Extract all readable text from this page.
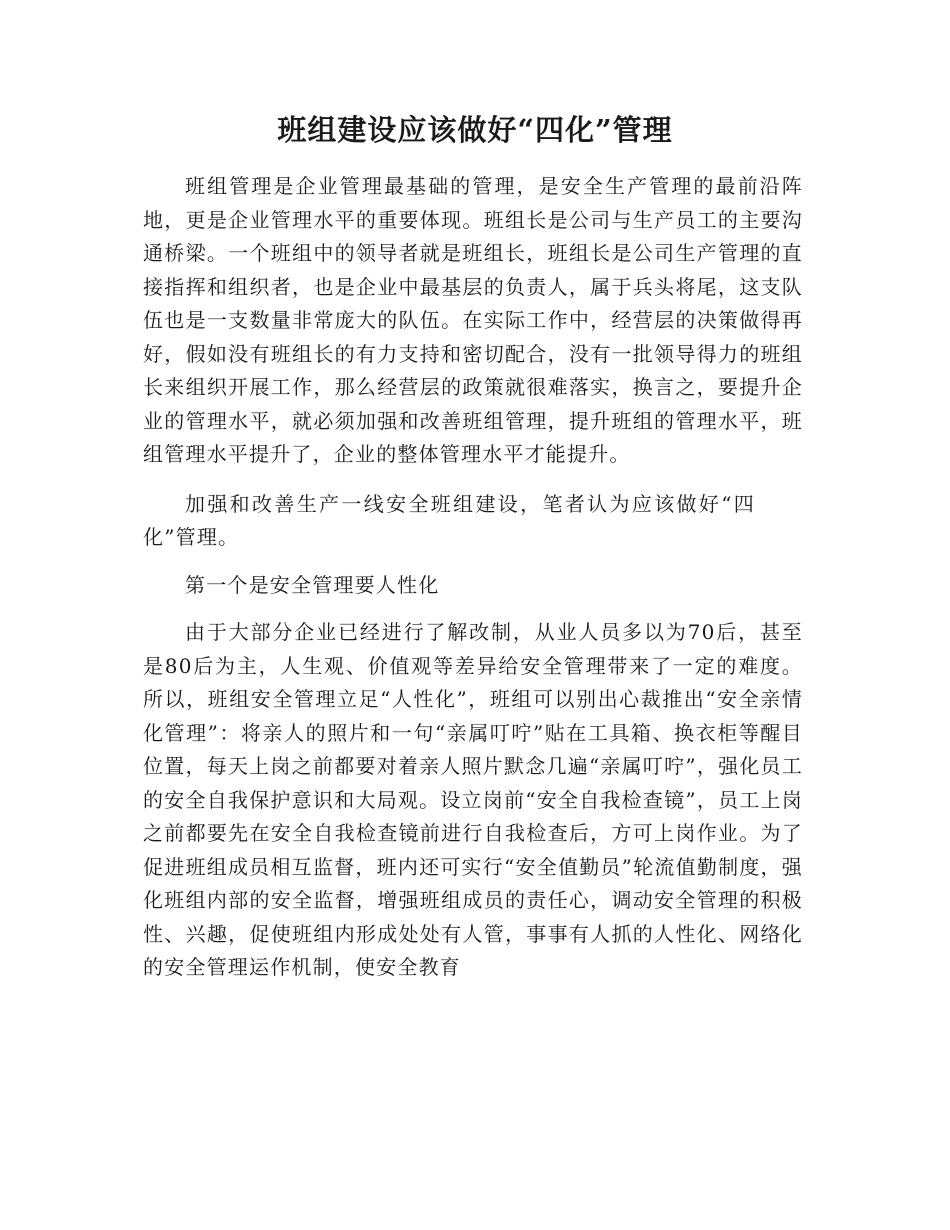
班组建设应该做好“四化”管理

班组管理是企业管理最基础的管理，是安全生产管理的最前沿阵地，更是企业管理水平的重要体现。班组长是公司与生产员工的主要沟通桥梁。一个班组中的领导者就是班组长，班组长是公司生产管理的直接指挥和组织者，也是企业中最基层的负责人，属于兵头将尾，这支队伍也是一支数量非常庞大的队伍。在实际工作中，经营层的决策做得再好，假如没有班组长的有力支持和密切配合，没有一批领导得力的班组长来组织开展工作，那么经营层的政策就很难落实，换言之，要提升企业的管理水平，就必须加强和改善班组管理，提升班组的管理水平，班组管理水平提升了，企业的整体管理水平才能提升。

加强和改善生产一线安全班组建设，笔者认为应该做好“四化”管理。

第一个是安全管理要人性化

由于大部分企业已经进行了解改制，从业人员多以为70后，甚至是80后为主，人生观、价值观等差异给安全管理带来了一定的难度。所以，班组安全管理立足“人性化”，班组可以别出心裁推出“安全亲情化管理”：将亲人的照片和一句“亲属叮咛”贴在工具箱、换衣柜等醒目位置，每天上岗之前都要对着亲人照片默念几遍“亲属叮咛”，强化员工的安全自我保护意识和大局观。设立岗前“安全自我检查镜”，员工上岗之前都要先在安全自我检查镜前进行自我检查后，方可上岗作业。为了促进班组成员相互监督，班内还可实行“安全值勤员”轮流值勤制度，强化班组内部的安全监督，增强班组成员的责任心，调动安全管理的积极性、兴趣，促使班组内形成处处有人管，事事有人抓的人性化、网络化的安全管理运作机制，使安全教育
